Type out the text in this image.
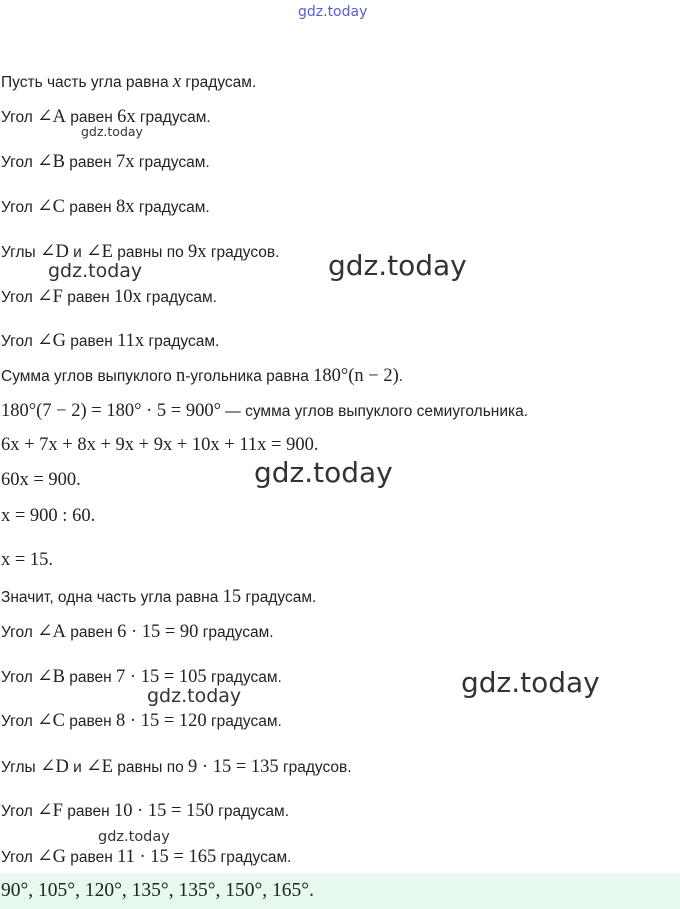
gdz.today
Пусть часть угла равна x градусам.
Угол ∠A равен 6x градусам.
Угол ∠B равен 7x градусам.
Угол ∠C равен 8x градусам.
Углы ∠D и ∠E равны по 9x градусов.
Угол ∠F равен 10x градусам.
Угол ∠G равен 11x градусам.
Сумма углов выпуклого n-угольника равна 180°(n − 2).
180°(7 − 2) = 180° · 5 = 900° — сумма углов выпуклого семиугольника.
6x + 7x + 8x + 9x + 9x + 10x + 11x = 900.
60x = 900.
x = 900 : 60.
x = 15.
Значит, одна часть угла равна 15 градусам.
Угол ∠A равен 6 · 15 = 90 градусам.
Угол ∠B равен 7 · 15 = 105 градусам.
Угол ∠C равен 8 · 15 = 120 градусам.
Углы ∠D и ∠E равны по 9 · 15 = 135 градусов.
Угол ∠F равен 10 · 15 = 150 градусам.
Угол ∠G равен 11 · 15 = 165 градусам.
90°, 105°, 120°, 135°, 135°, 150°, 165°.
gdz.today
gdz.today	gdz.today
gdz.today
gdz.today	gdz.today
gdz.today
